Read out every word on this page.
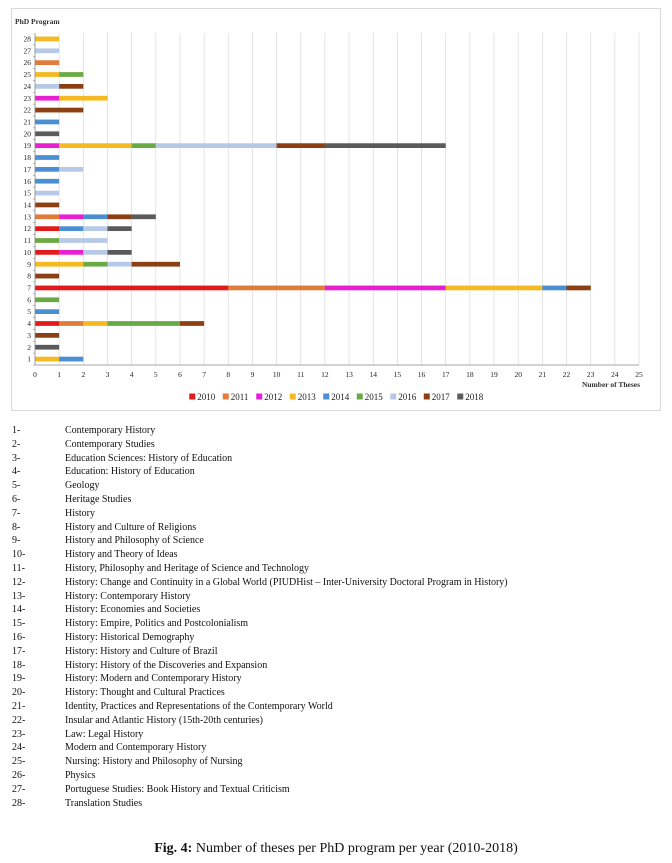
PhD Program
Number of Theses
0	1	2	3	4	5	6	7	8	9 10 11 12 13 14 15 16 17 18 19 20 21 22 23 24 25
1
2
3
4
5
6
7
8
9
10
11
12
13
14
15
16
17
18
19
20
21
22
23
24
25
26
27
28
2010 2011 2012 2013 2014 2015 2016 2017 2018
1-	Contemporary History
2-	Contemporary Studies
3-	Education Sciences: History of Education
4-	Education: History of Education
5-	Geology
6-	Heritage Studies
7-	History
8-	History and Culture of Religions
9-	History and Philosophy of Science
10-	History and Theory of Ideas
11-	History, Philosophy and Heritage of Science and Technology
12-	History: Change and Continuity in a Global World (PIUDHist – Inter-University Doctoral Program in History)
13-	History: Contemporary History
14-	History: Economies and Societies
15-	History: Empire, Politics and Postcolonialism
16-	History: Historical Demography
17-	History: History and Culture of Brazil
18-	History: History of the Discoveries and Expansion
19-	History: Modern and Contemporary History
20-	History: Thought and Cultural Practices
21-	Identity, Practices and Representations of the Contemporary World
22-	Insular and Atlantic History (15th-20th centuries)
23-	Law: Legal History
24-	Modern and Contemporary History
25-	Nursing: History and Philosophy of Nursing
26-	Physics
27-	Portuguese Studies: Book History and Textual Criticism
28-	Translation Studies
Fig. 4: Number of theses per PhD program per year (2010-2018)
